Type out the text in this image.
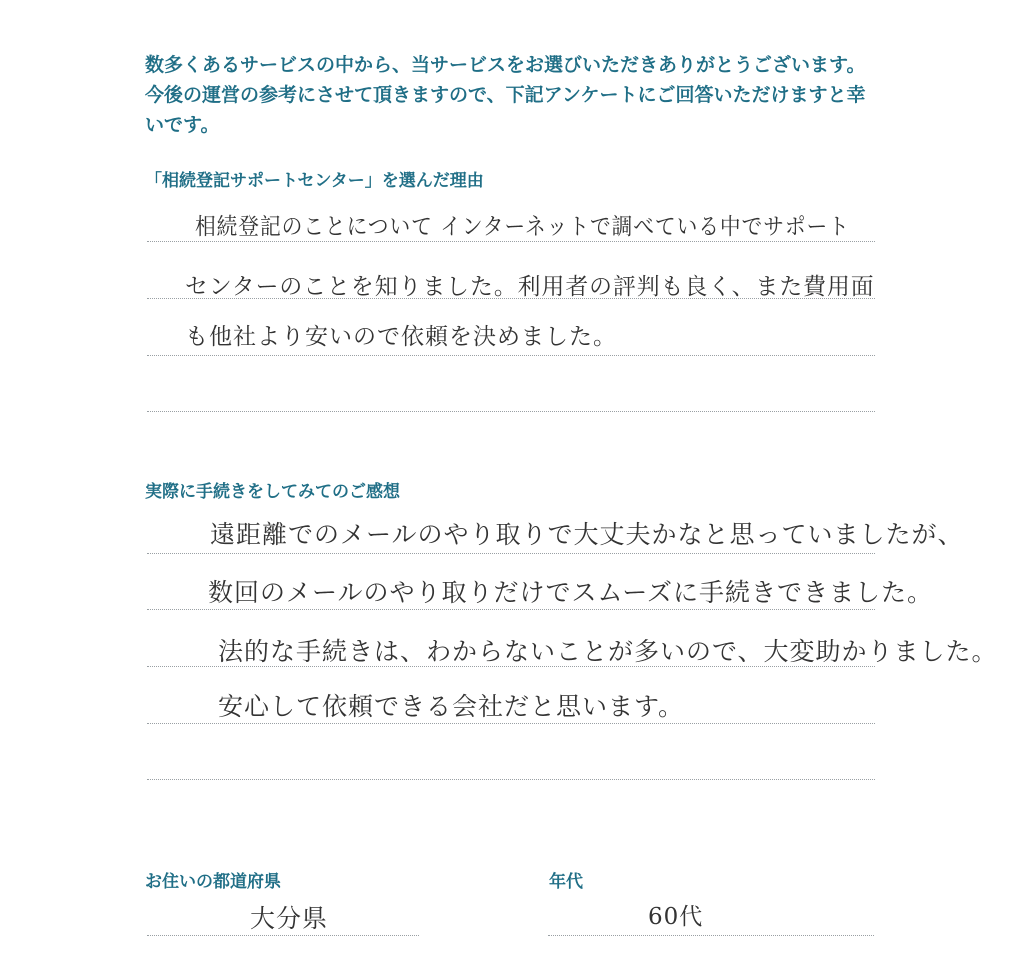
数多くあるサービスの中から、当サービスをお選びいただきありがとうございます。今後の運営の参考にさせて頂きますので、下記アンケートにご回答いただけますと幸いです。

「相続登記サポートセンター」を選んだ理由
相続登記のことについて インターネットで調べている中でサポート
センターのことを知りました。利用者の評判も良く、また費用面
も他社より安いので依頼を決めました。
実際に手続きをしてみてのご感想
遠距離でのメールのやり取りで大丈夫かなと思っていましたが、
数回のメールのやり取りだけでスムーズに手続きできました。
法的な手続きは、わからないことが多いので、大変助かりました。
安心して依頼できる会社だと思います。
お住いの都道府県	年代
大分県	60代
